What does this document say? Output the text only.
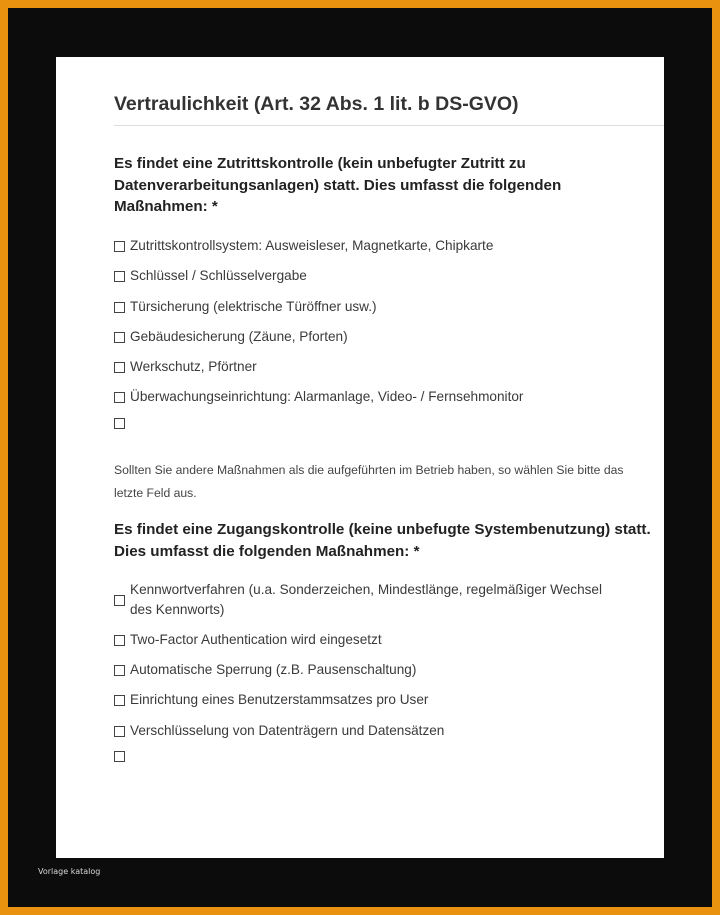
Vertraulichkeit (Art. 32 Abs. 1 lit. b DS-GVO)
Es findet eine Zutrittskontrolle (kein unbefugter Zutritt zu
Datenverarbeitungsanlagen) statt. Dies umfasst die folgenden
Maßnahmen: *
Zutrittskontrollsystem: Ausweisleser, Magnetkarte, Chipkarte
Schlüssel / Schlüsselvergabe
Türsicherung (elektrische Türöffner usw.)
Gebäudesicherung (Zäune, Pforten)
Werkschutz, Pförtner
Überwachungseinrichtung: Alarmanlage, Video- / Fernsehmonitor
Sollten Sie andere Maßnahmen als die aufgeführten im Betrieb haben, so wählen Sie bitte das
letzte Feld aus.
Es findet eine Zugangskontrolle (keine unbefugte Systembenutzung) statt.
Dies umfasst die folgenden Maßnahmen: *
Kennwortverfahren (u.a. Sonderzeichen, Mindestlänge, regelmäßiger Wechsel
des Kennworts)
Two-Factor Authentication wird eingesetzt
Automatische Sperrung (z.B. Pausenschaltung)
Einrichtung eines Benutzerstammsatzes pro User
Verschlüsselung von Datenträgern und Datensätzen
Vorlage katalog
